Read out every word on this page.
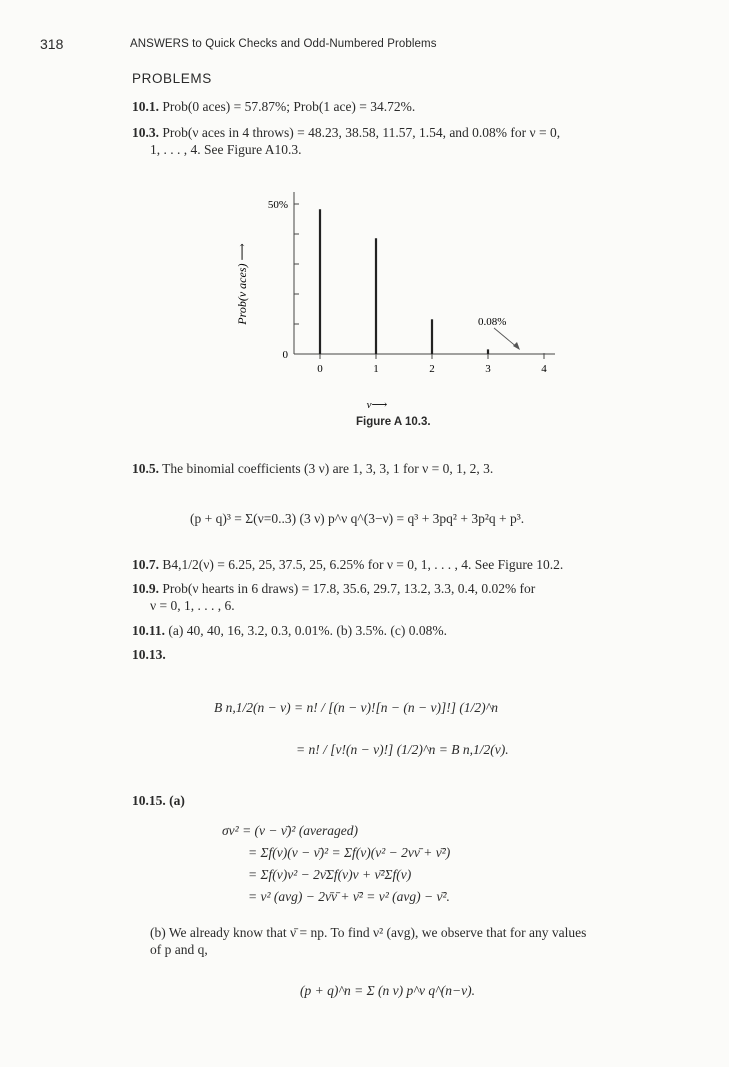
318	ANSWERS to Quick Checks and Odd-Numbered Problems
PROBLEMS
10.1. Prob(0 aces) = 57.87%; Prob(1 ace) = 34.72%.
10.3. Prob(ν aces in 4 throws) = 48.23, 38.58, 11.57, 1.54, and 0.08% for ν = 0,
1, . . . , 4. See Figure A10.3.
0
50%
0	1	2	3	4
Prob(ν aces) ⟶
ν⟶
0.08%
Figure A 10.3.
10.5. The binomial coefficients (3 ν) are 1, 3, 3, 1 for ν = 0, 1, 2, 3.
(p + q)³ = Σ(ν=0..3) (3 ν) p^ν q^(3−ν) = q³ + 3pq² + 3p²q + p³.
10.7. B4,1/2(ν) = 6.25, 25, 37.5, 25, 6.25% for ν = 0, 1, . . . , 4. See Figure 10.2.
10.9. Prob(ν hearts in 6 draws) = 17.8, 35.6, 29.7, 13.2, 3.3, 0.4, 0.02% for
ν = 0, 1, . . . , 6.
10.11. (a) 40, 40, 16, 3.2, 0.3, 0.01%. (b) 3.5%. (c) 0.08%.
10.13.
B n,1/2(n − ν) = n! / [(n − ν)![n − (n − ν)]!] (1/2)^n
= n! / [ν!(n − ν)!] (1/2)^n = B n,1/2(ν).
10.15. (a)
σν² = (ν − ν̄)² (averaged)
= Σf(ν)(ν − ν̄)² = Σf(ν)(ν² − 2νν̄ + ν̄²)
= Σf(ν)ν² − 2ν̄Σf(ν)ν + ν̄²Σf(ν)
= ν² (avg) − 2ν̄ν̄ + ν̄² = ν² (avg) − ν̄².
(b) We already know that ν̄ = np. To find ν² (avg), we observe that for any values
of p and q,
(p + q)^n = Σ (n ν) p^ν q^(n−ν).
